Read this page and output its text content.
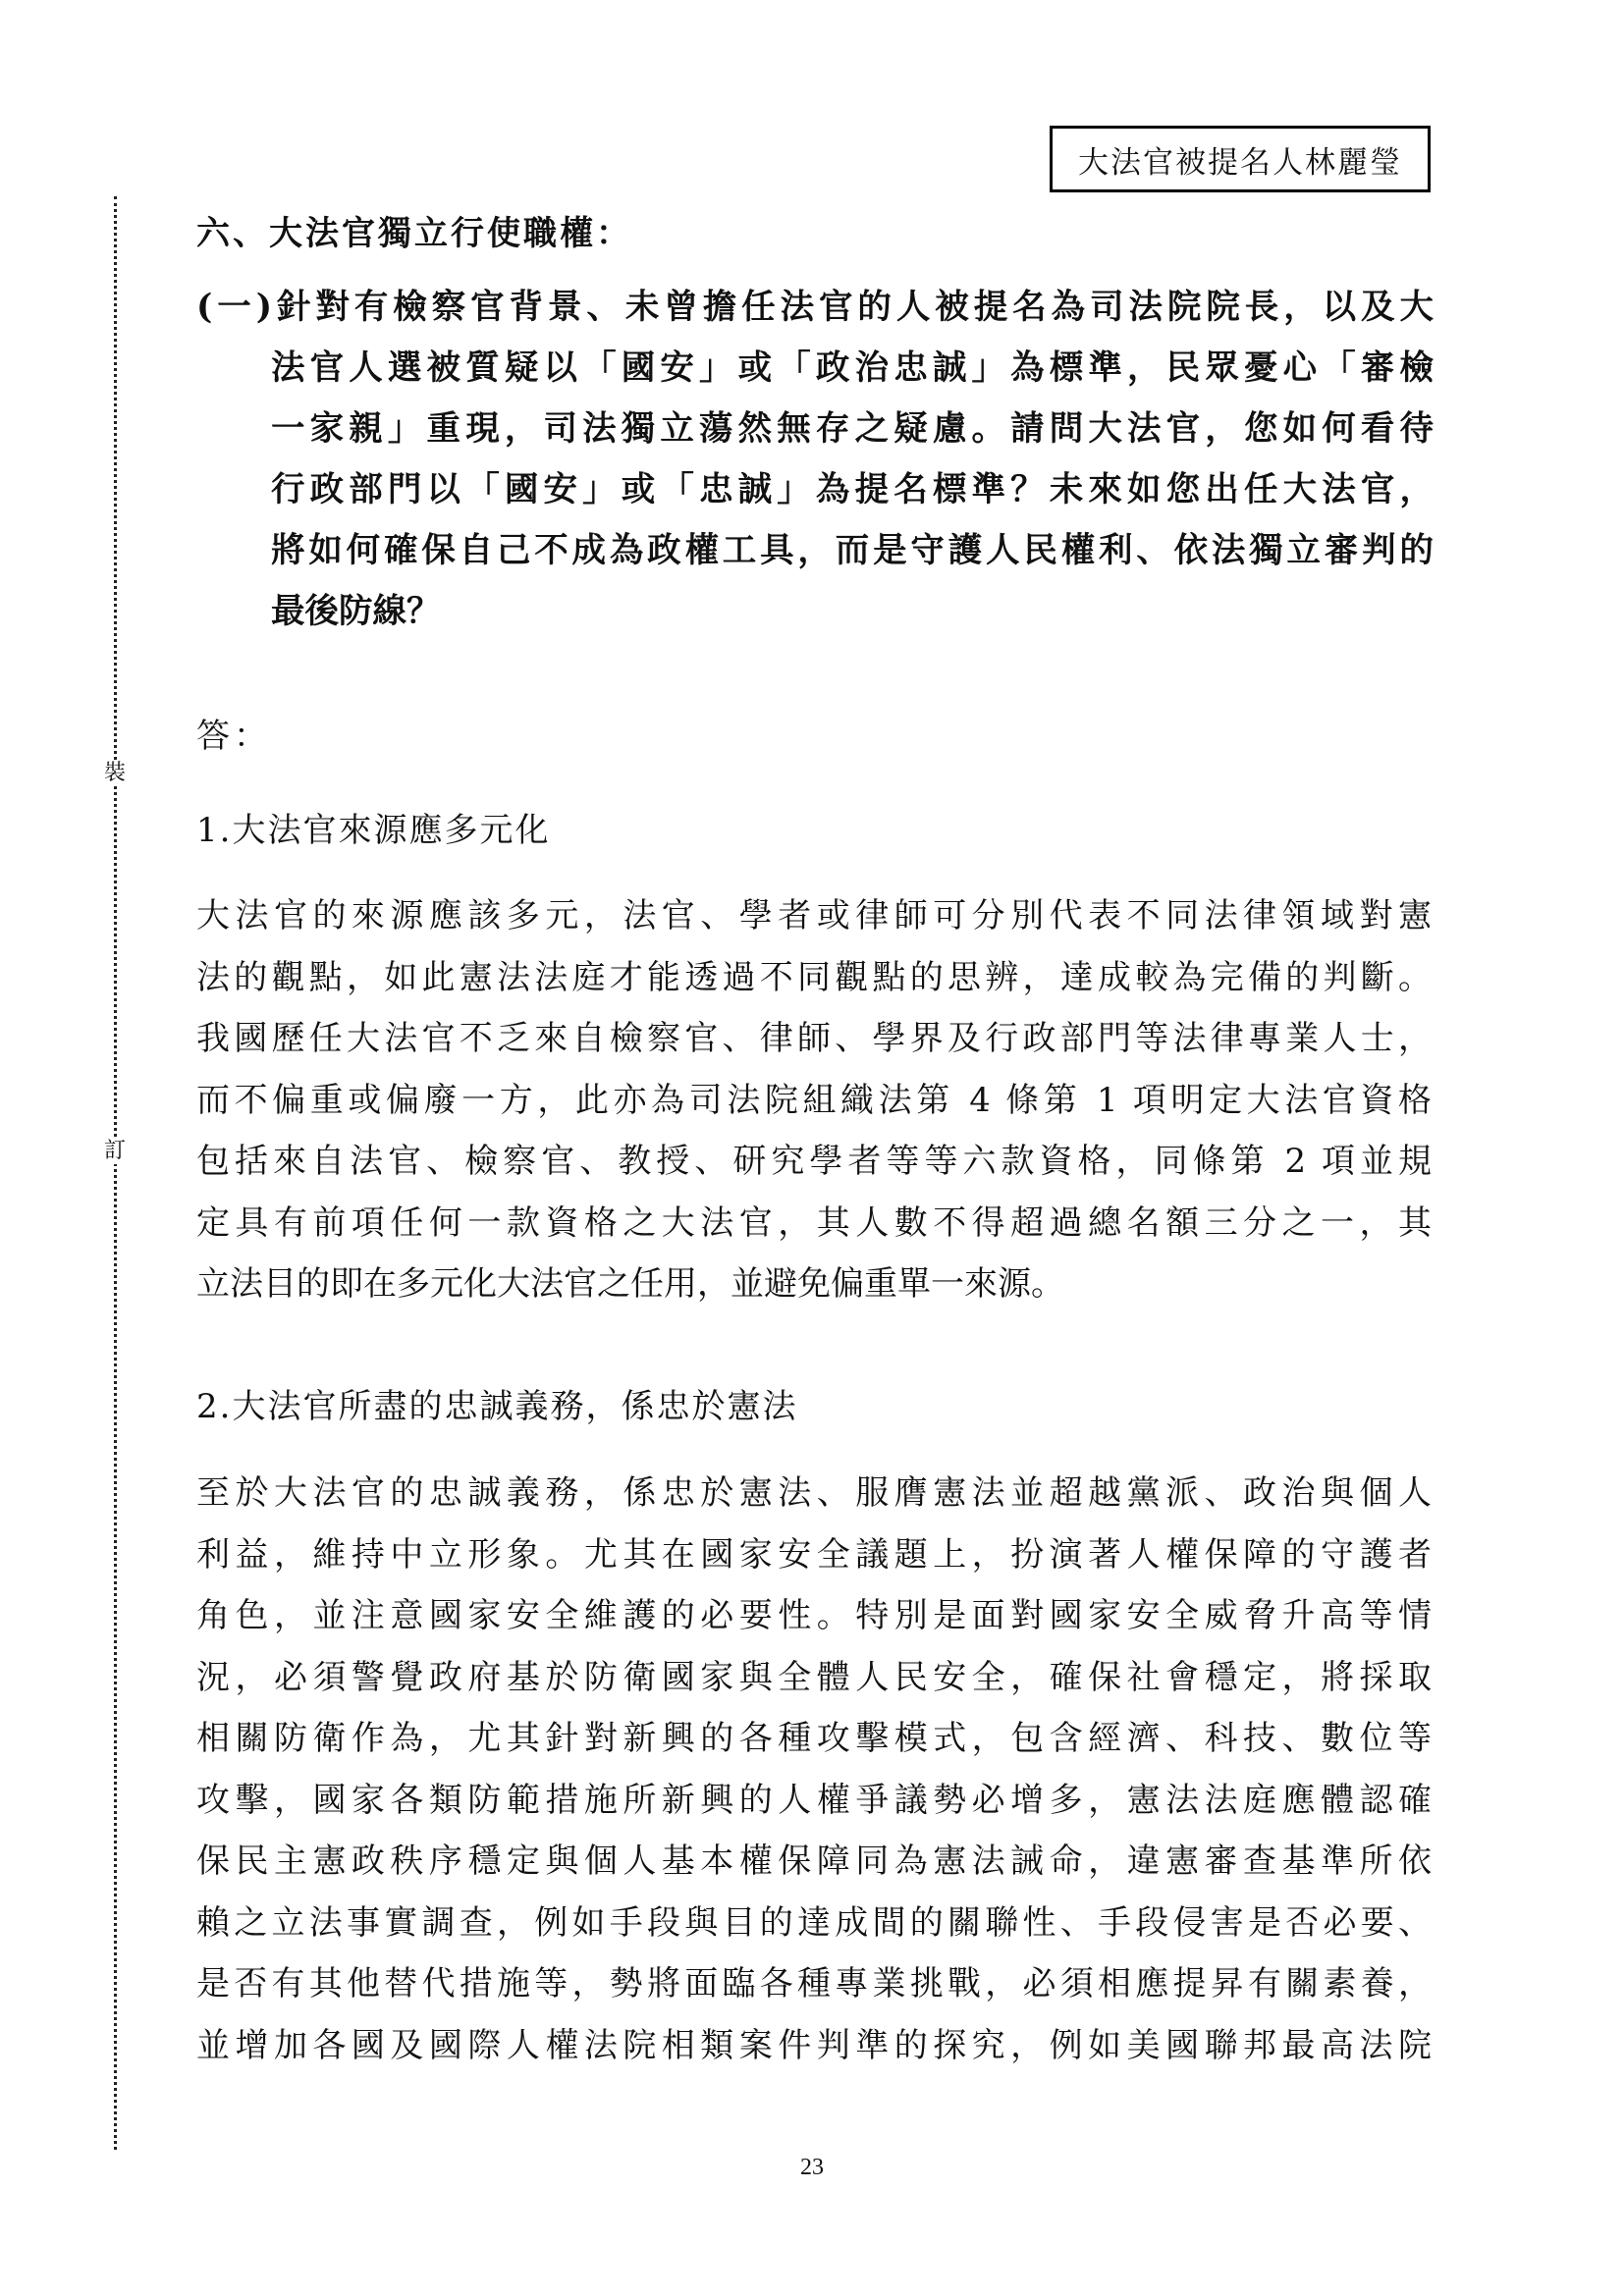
大法官被提名人林麗瑩
裝
訂
六、大法官獨立行使職權：
(一)針對有檢察官背景、未曾擔任法官的人被提名為司法院院長，以及大
法官人選被質疑以「國安」或「政治忠誠」為標準，民眾憂心「審檢
一家親」重現，司法獨立蕩然無存之疑慮。請問大法官，您如何看待
行政部門以「國安」或「忠誠」為提名標準？未來如您出任大法官，
將如何確保自己不成為政權工具，而是守護人民權利、依法獨立審判的
最後防線？
答：
1.大法官來源應多元化
大法官的來源應該多元，法官、學者或律師可分別代表不同法律領域對憲
法的觀點，如此憲法法庭才能透過不同觀點的思辨，達成較為完備的判斷。
我國歷任大法官不乏來自檢察官、律師、學界及行政部門等法律專業人士，
而不偏重或偏廢一方，此亦為司法院組織法第 4 條第 1 項明定大法官資格
包括來自法官、檢察官、教授、研究學者等等六款資格，同條第 2 項並規
定具有前項任何一款資格之大法官，其人數不得超過總名額三分之一，其
立法目的即在多元化大法官之任用，並避免偏重單一來源。
2.大法官所盡的忠誠義務，係忠於憲法
至於大法官的忠誠義務，係忠於憲法、服膺憲法並超越黨派、政治與個人
利益，維持中立形象。尤其在國家安全議題上，扮演著人權保障的守護者
角色，並注意國家安全維護的必要性。特別是面對國家安全威脅升高等情
況，必須警覺政府基於防衛國家與全體人民安全，確保社會穩定，將採取
相關防衛作為，尤其針對新興的各種攻擊模式，包含經濟、科技、數位等
攻擊，國家各類防範措施所新興的人權爭議勢必增多，憲法法庭應體認確
保民主憲政秩序穩定與個人基本權保障同為憲法誡命，違憲審查基準所依
賴之立法事實調查，例如手段與目的達成間的關聯性、手段侵害是否必要、
是否有其他替代措施等，勢將面臨各種專業挑戰，必須相應提昇有關素養，
並增加各國及國際人權法院相類案件判準的探究，例如美國聯邦最高法院
23
